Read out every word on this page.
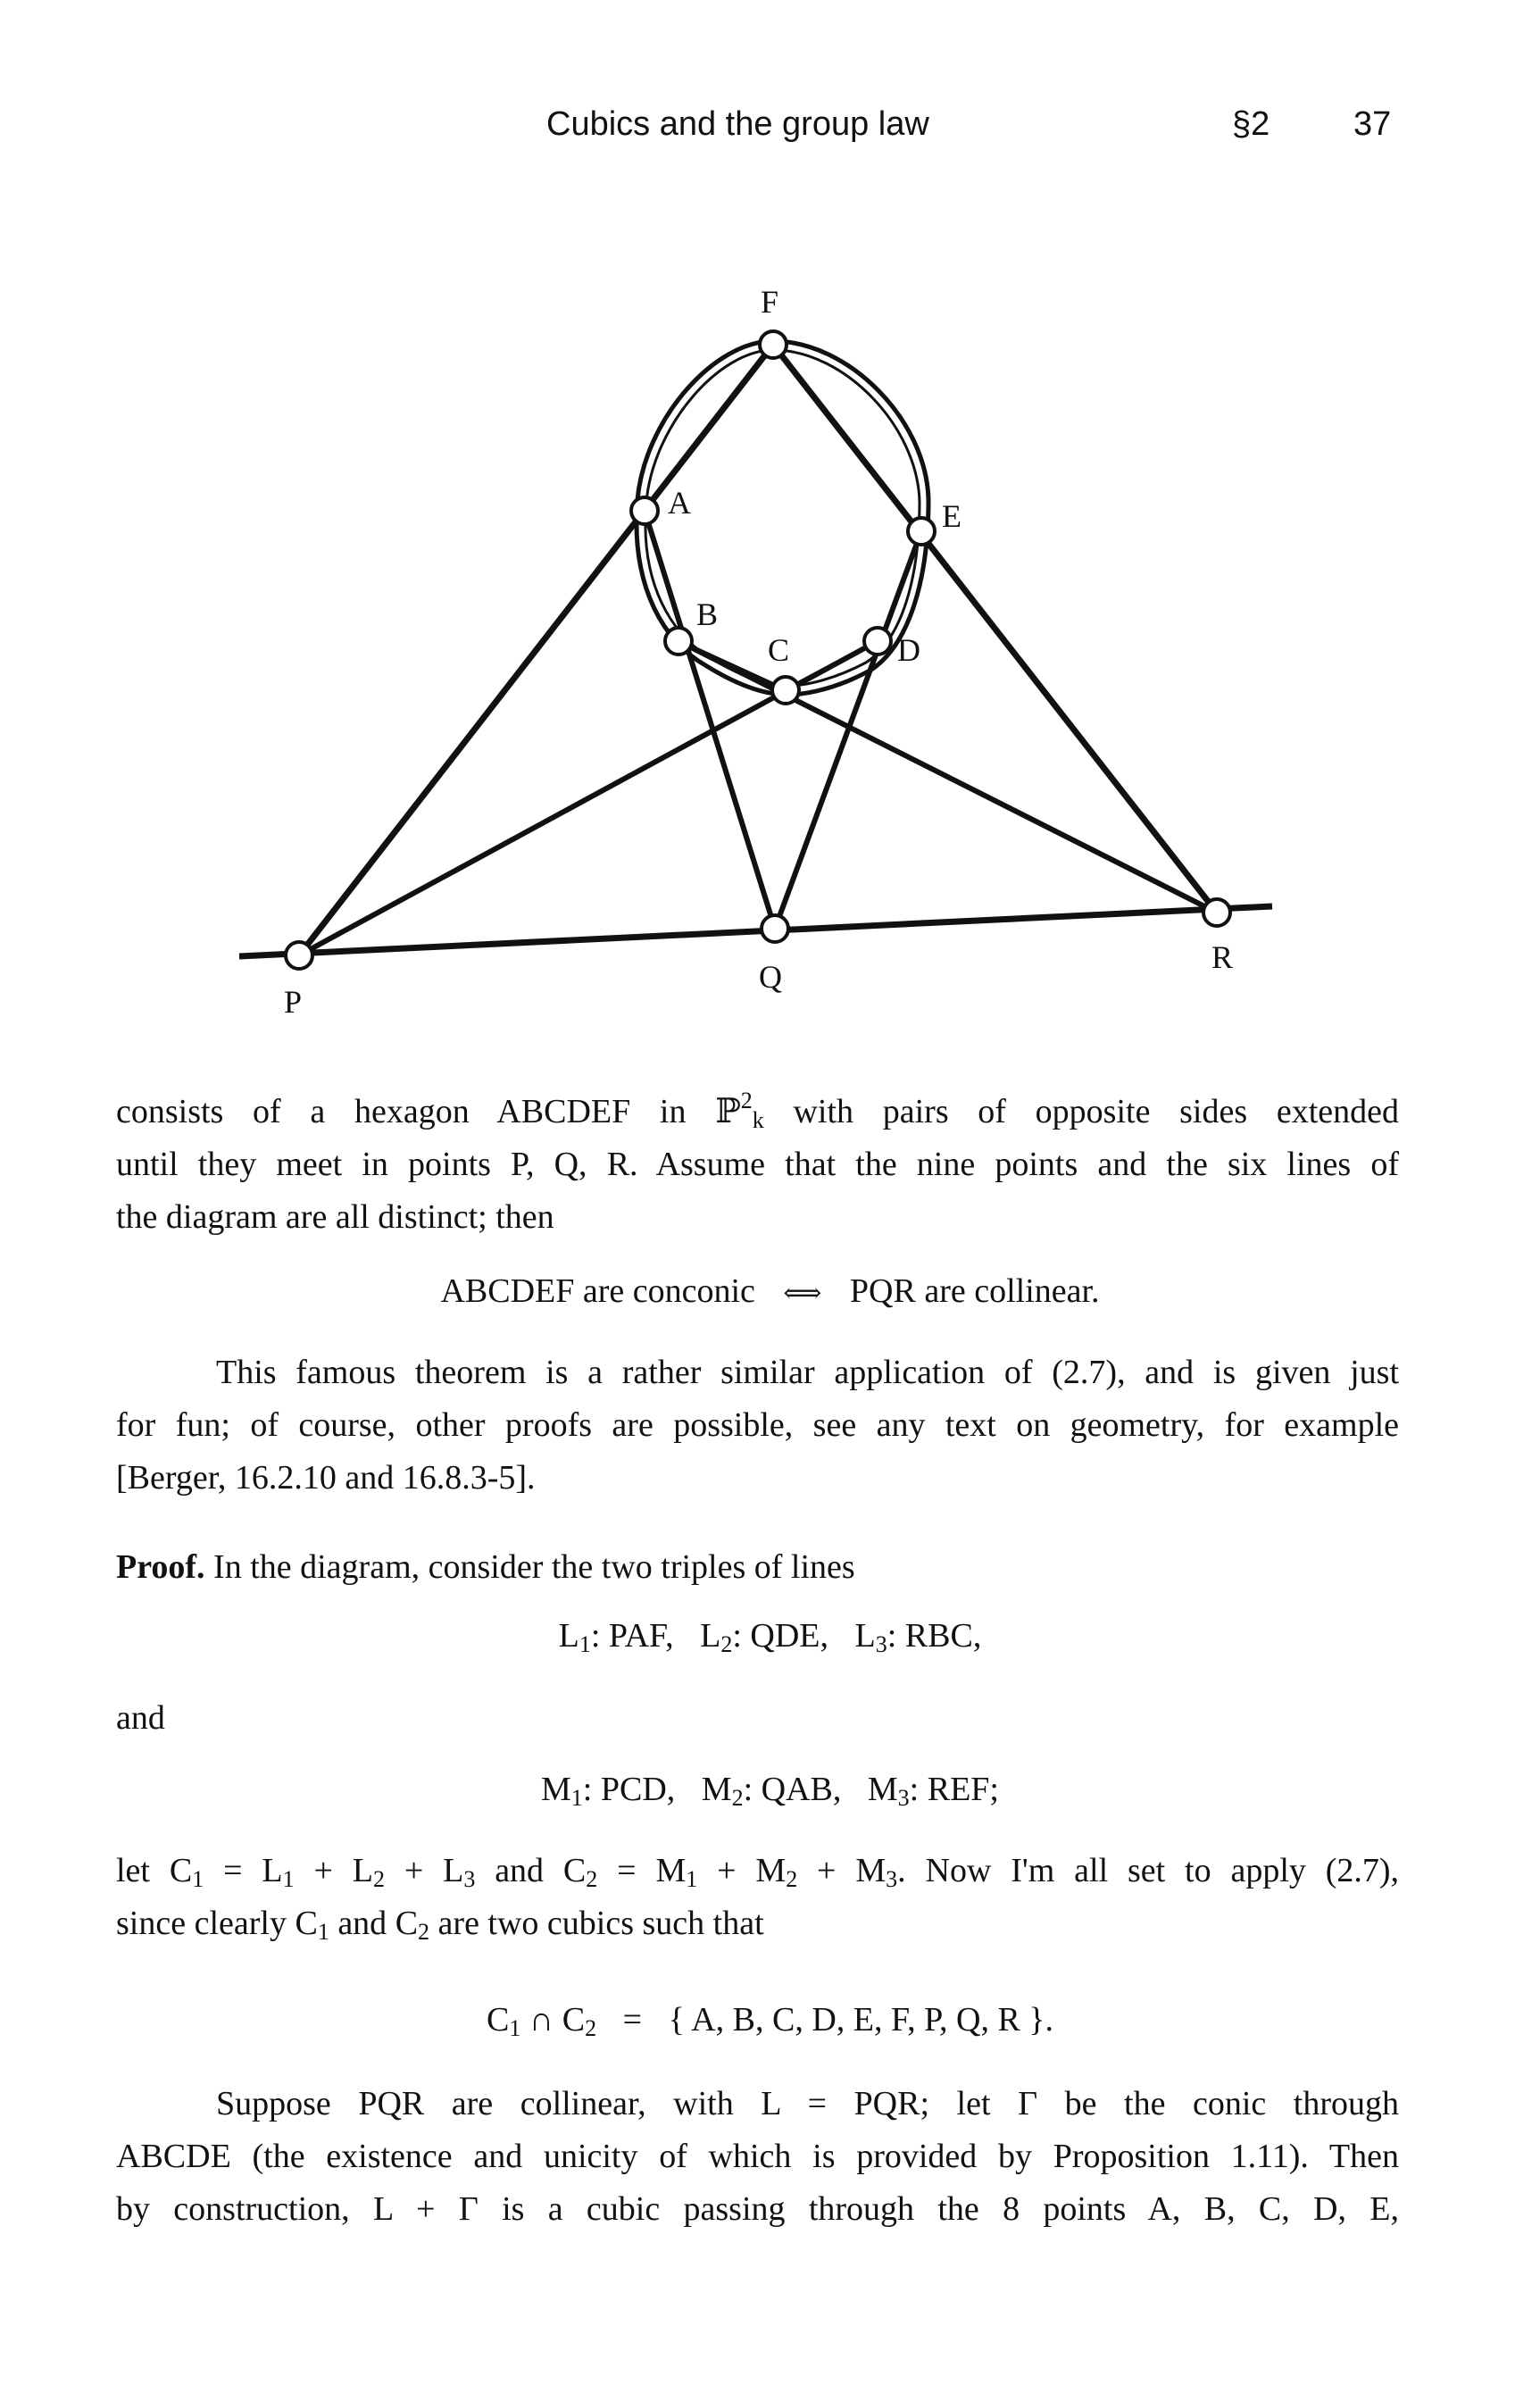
Cubics and the group law	§2 37
F
A	E
B
C	D
P
Q
R
consists of a hexagon ABCDEF in ℙ$^2_k$ with pairs of opposite sides extended
until they meet in points P, Q, R. Assume that the nine points and the six lines of
the diagram are all distinct; then
ABCDEF are conconic ⟺ PQR are collinear.
This famous theorem is a rather similar application of (2.7), and is given just
for fun; of course, other proofs are possible, see any text on geometry, for example
[Berger, 16.2.10 and 16.8.3-5].
Proof. In the diagram, consider the two triples of lines
$L_1$: PAF, $L_2$: QDE, $L_3$: RBC,
and
$M_1$: PCD, $M_2$: QAB, $M_3$: REF;
let $C_1 = L_1 + L_2 + L_3$ and $C_2 = M_1 + M_2 + M_3$. Now I'm all set to apply (2.7),
since clearly $C_1$ and $C_2$ are two cubics such that
$C_1$ ∩ $C_2$ = { A, B, C, D, E, F, P, Q, R }.
Suppose PQR are collinear, with L = PQR; let Γ be the conic through
ABCDE (the existence and unicity of which is provided by Proposition 1.11). Then
by construction, L + Γ is a cubic passing through the 8 points A, B, C, D, E,
